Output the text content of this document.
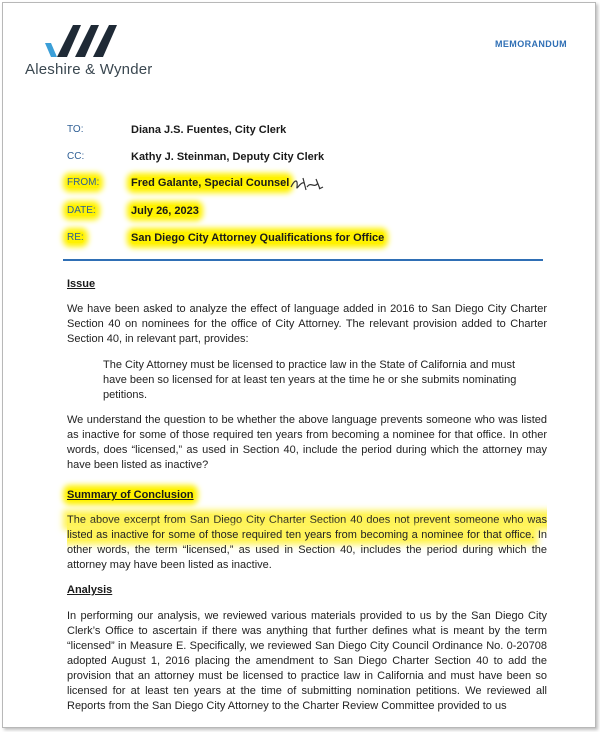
Aleshire & Wynder
MEMORANDUM
TO:	Diana J.S. Fuentes, City Clerk
CC:	Kathy J. Steinman, Deputy City Clerk
FROM:	Fred Galante, Special Counsel
DATE:	July 26, 2023
RE:	San Diego City Attorney Qualifications for Office
Issue
We have been asked to analyze the effect of language added in 2016 to San Diego City Charter Section 40 on nominees for the office of City Attorney. The relevant provision added to Charter Section 40, in relevant part, provides:
The City Attorney must be licensed to practice law in the State of California and must have been so licensed for at least ten years at the time he or she submits nominating petitions.
We understand the question to be whether the above language prevents someone who was listed as inactive for some of those required ten years from becoming a nominee for that office. In other words, does “licensed,” as used in Section 40, include the period during which the attorney may have been listed as inactive?
Summary of Conclusion
The above excerpt from San Diego City Charter Section 40 does not prevent someone who was listed as inactive for some of those required ten years from becoming a nominee for that office. In other words, the term “licensed,” as used in Section 40, includes the period during which the attorney may have been listed as inactive.
Analysis
In performing our analysis, we reviewed various materials provided to us by the San Diego City Clerk’s Office to ascertain if there was anything that further defines what is meant by the term “licensed” in Measure E. Specifically, we reviewed San Diego City Council Ordinance No. 0-20708 adopted August 1, 2016 placing the amendment to San Diego Charter Section 40 to add the provision that an attorney must be licensed to practice law in California and must have been so licensed for at least ten years at the time of submitting nomination petitions. We reviewed all Reports from the San Diego City Attorney to the Charter Review Committee provided to us
